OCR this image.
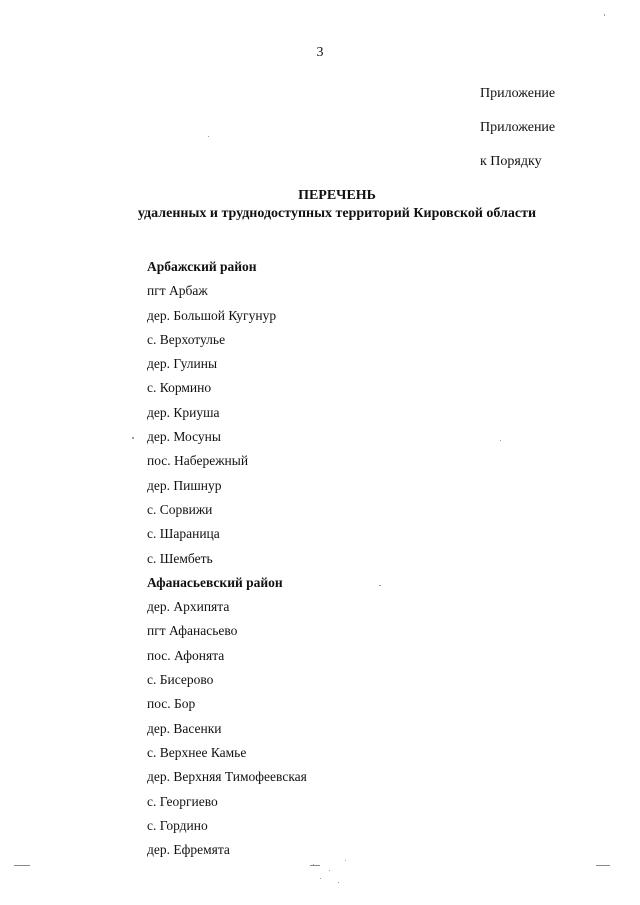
3
Приложение
Приложение
к Порядку
ПЕРЕЧЕНЬ
удаленных и труднодоступных территорий Кировской области
Арбажский район
пгт Арбаж
дер. Большой Кугунур
с. Верхотулье
дер. Гулины
с. Кормино
дер. Криуша
дер. Мосуны
пос. Набережный
дер. Пишнур
с. Сорвижи
с. Шараница
с. Шембеть
Афанасьевский район
дер. Архипята
пгт Афанасьево
пос. Афонята
с. Бисерово
пос. Бор
дер. Васенки
с. Верхнее Камье
дер. Верхняя Тимофеевская
с. Георгиево
с. Гордино
дер. Ефремята
